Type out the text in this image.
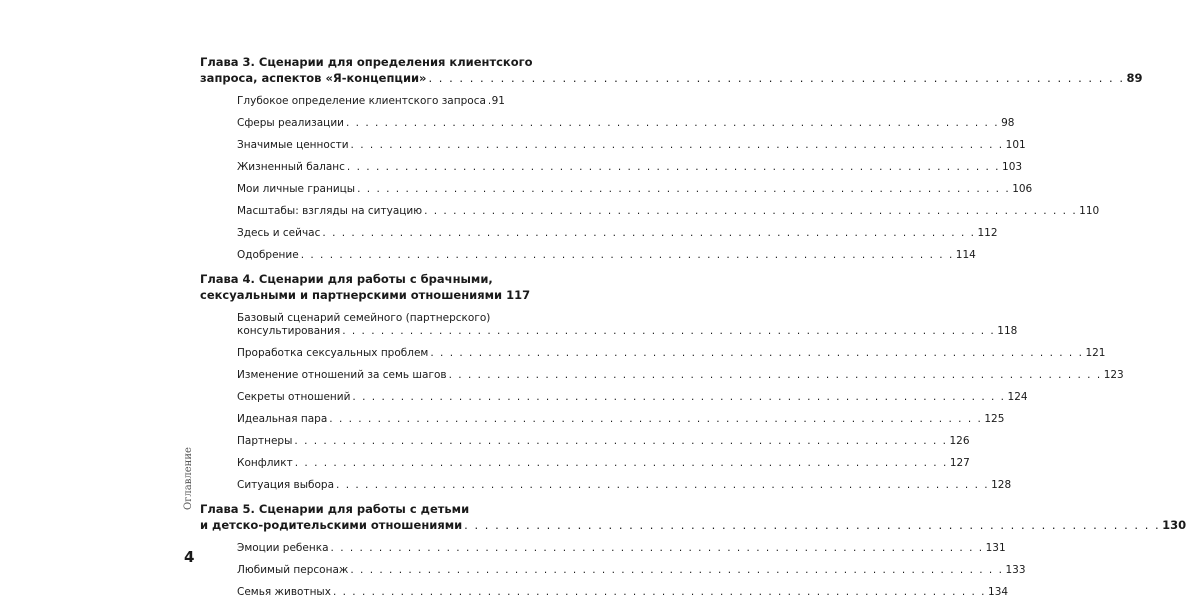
Глава 3. Сценарии для определения клиентского
запроса, аспектов «Я-концепции» . . . . . . . . . . . . . . . . . . . . . . . . . . . . . . . . . . . . . . . . . . . . . . . . . . . . . . . . . . . . . . . . . . . . 89
Глубокое определение клиентского запроса 91
Сферы реализации . . . . . . . . . . . . . . . . . . . . . . . . . . . . . . . . . . . . . . . . . . . . . . . . . . . . . . . . . . . . . . . . . . . . 98
Значимые ценности . . . . . . . . . . . . . . . . . . . . . . . . . . . . . . . . . . . . . . . . . . . . . . . . . . . . . . . . . . . . . . . . . . . . 101
Жизненный баланс . . . . . . . . . . . . . . . . . . . . . . . . . . . . . . . . . . . . . . . . . . . . . . . . . . . . . . . . . . . . . . . . . . . . 103
Мои личные границы . . . . . . . . . . . . . . . . . . . . . . . . . . . . . . . . . . . . . . . . . . . . . . . . . . . . . . . . . . . . . . . . . . . . 106
Масштабы: взгляды на ситуацию . . . . . . . . . . . . . . . . . . . . . . . . . . . . . . . . . . . . . . . . . . . . . . . . . . . . . . . . . . . . . . . . . . . . 110
Здесь и сейчас . . . . . . . . . . . . . . . . . . . . . . . . . . . . . . . . . . . . . . . . . . . . . . . . . . . . . . . . . . . . . . . . . . . . 112
Одобрение . . . . . . . . . . . . . . . . . . . . . . . . . . . . . . . . . . . . . . . . . . . . . . . . . . . . . . . . . . . . . . . . . . . . 114
Глава 4. Сценарии для работы с брачными,
сексуальными и партнерскими отношениями 117
Базовый сценарий семейного (партнерского)
консультирования . . . . . . . . . . . . . . . . . . . . . . . . . . . . . . . . . . . . . . . . . . . . . . . . . . . . . . . . . . . . . . . . . . . . 118
Проработка сексуальных проблем . . . . . . . . . . . . . . . . . . . . . . . . . . . . . . . . . . . . . . . . . . . . . . . . . . . . . . . . . . . . . . . . . . . . 121
Изменение отношений за семь шагов . . . . . . . . . . . . . . . . . . . . . . . . . . . . . . . . . . . . . . . . . . . . . . . . . . . . . . . . . . . . . . . . . . . . 123
Секреты отношений . . . . . . . . . . . . . . . . . . . . . . . . . . . . . . . . . . . . . . . . . . . . . . . . . . . . . . . . . . . . . . . . . . . . 124
Идеальная пара . . . . . . . . . . . . . . . . . . . . . . . . . . . . . . . . . . . . . . . . . . . . . . . . . . . . . . . . . . . . . . . . . . . . 125
Партнеры . . . . . . . . . . . . . . . . . . . . . . . . . . . . . . . . . . . . . . . . . . . . . . . . . . . . . . . . . . . . . . . . . . . . 126
Конфликт . . . . . . . . . . . . . . . . . . . . . . . . . . . . . . . . . . . . . . . . . . . . . . . . . . . . . . . . . . . . . . . . . . . . 127
Ситуация выбора . . . . . . . . . . . . . . . . . . . . . . . . . . . . . . . . . . . . . . . . . . . . . . . . . . . . . . . . . . . . . . . . . . . . 128
Глава 5. Сценарии для работы с детьми
и детско-родительскими отношениями . . . . . . . . . . . . . . . . . . . . . . . . . . . . . . . . . . . . . . . . . . . . . . . . . . . . . . . . . . . . . . . . . . . . 130
Эмоции ребенка . . . . . . . . . . . . . . . . . . . . . . . . . . . . . . . . . . . . . . . . . . . . . . . . . . . . . . . . . . . . . . . . . . . . 131
Любимый персонаж . . . . . . . . . . . . . . . . . . . . . . . . . . . . . . . . . . . . . . . . . . . . . . . . . . . . . . . . . . . . . . . . . . . . 133
Семья животных . . . . . . . . . . . . . . . . . . . . . . . . . . . . . . . . . . . . . . . . . . . . . . . . . . . . . . . . . . . . . . . . . . . . 134
Оглавление
4
